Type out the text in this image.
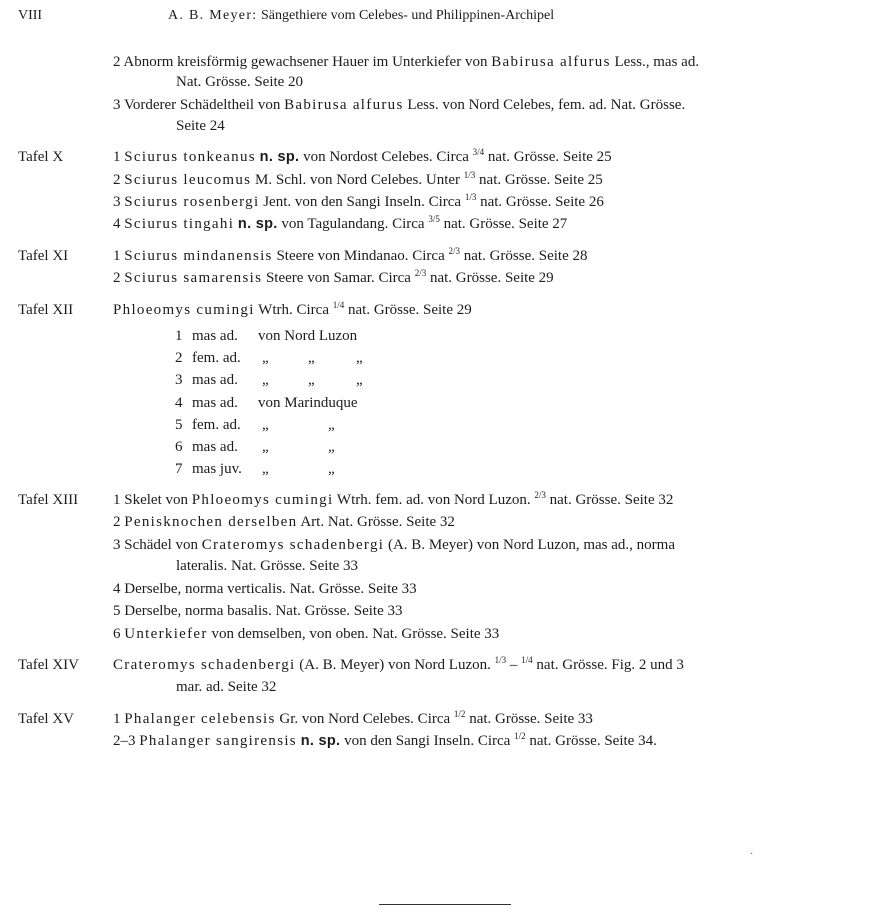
VIII	A. B. Meyer: Sängethiere vom Celebes- und Philippinen-Archipel
2 Abnorm kreisförmig gewachsener Hauer im Unterkiefer von Babirusa alfurus Less., mas ad.
Nat. Grösse. Seite 20
3 Vorderer Schädeltheil von Babirusa alfurus Less. von Nord Celebes, fem. ad. Nat. Grösse.
Seite 24
Tafel X	1 Sciurus tonkeanus n. sp. von Nordost Celebes. Circa $^{3/4}$ nat. Grösse. Seite 25
2 Sciurus leucomus M. Schl. von Nord Celebes. Unter $^{1/3}$ nat. Grösse. Seite 25
3 Sciurus rosenbergi Jent. von den Sangi Inseln. Circa $^{1/3}$ nat. Grösse. Seite 26
4 Sciurus tingahi n. sp. von Tagulandang. Circa $^{3/5}$ nat. Grösse. Seite 27
Tafel XI	1 Sciurus mindanensis Steere von Mindanao. Circa $^{2/3}$ nat. Grösse. Seite 28
2 Sciurus samarensis Steere von Samar. Circa $^{2/3}$ nat. Grösse. Seite 29
Tafel XII	Phloeomys cumingi Wtrh. Circa $^{1/4}$ nat. Grösse. Seite 29
1 mas ad. von Nord Luzon
2 fem. ad. „	„	„
3 mas ad. „	„	„
4 mas ad. von Marinduque
5 fem. ad. „	„
6 mas ad. „	„
7 mas juv. „	„
Tafel XIII 1 Skelet von Phloeomys cumingi Wtrh. fem. ad. von Nord Luzon. $^{2/3}$ nat. Grösse. Seite 32
2 Penisknochen derselben Art. Nat. Grösse. Seite 32
3 Schädel von Crateromys schadenbergi (A. B. Meyer) von Nord Luzon, mas ad., norma
lateralis. Nat. Grösse. Seite 33
4 Derselbe, norma verticalis. Nat. Grösse. Seite 33
5 Derselbe, norma basalis. Nat. Grösse. Seite 33
6 Unterkiefer von demselben, von oben. Nat. Grösse. Seite 33
Tafel XIV Crateromys schadenbergi (A. B. Meyer) von Nord Luzon. $^{1/3}$ – $^{1/4}$ nat. Grösse. Fig. 2 und 3
mar. ad. Seite 32
Tafel XV	1 Phalanger celebensis Gr. von Nord Celebes. Circa $^{1/2}$ nat. Grösse. Seite 33
2–3 Phalanger sangirensis n. sp. von den Sangi Inseln. Circa $^{1/2}$ nat. Grösse. Seite 34.
·
